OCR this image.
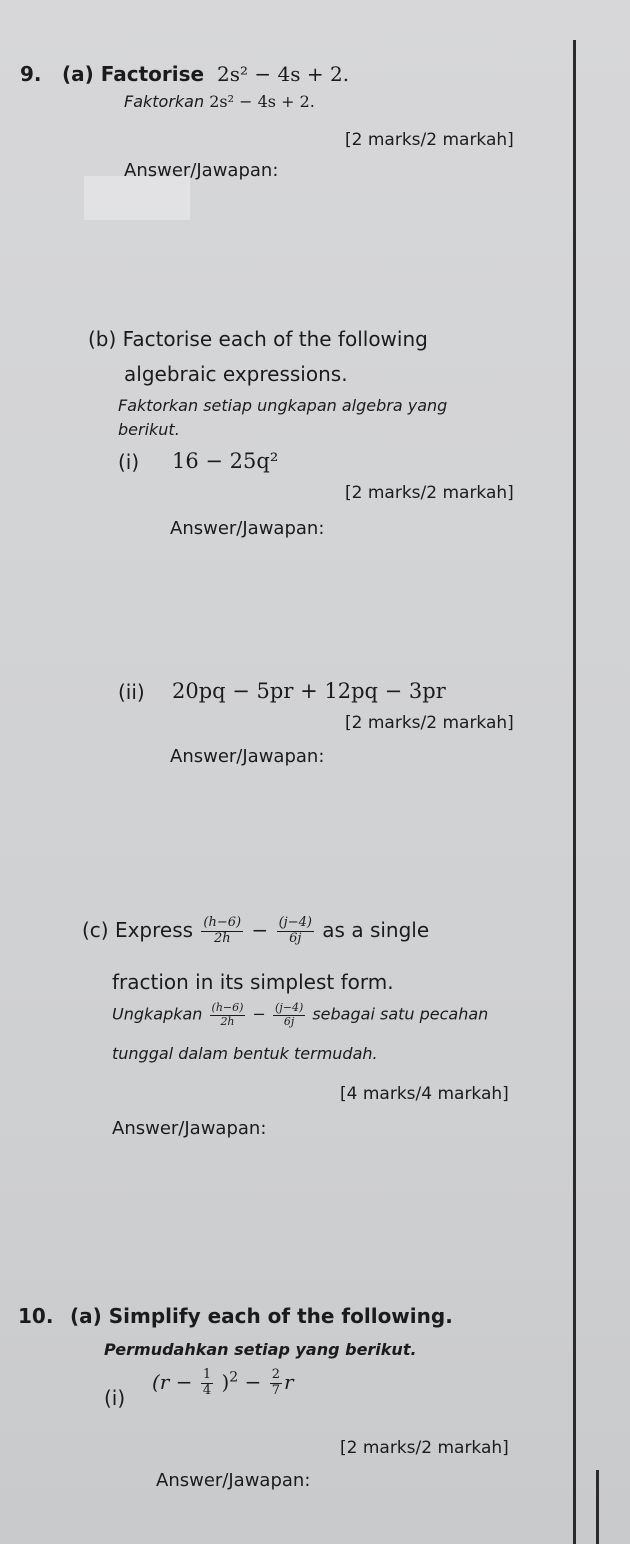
9. (a) Factorise 2s² − 4s + 2.
Faktorkan 2s² − 4s + 2.
[2 marks/2 markah]
Answer/Jawapan:
(b) Factorise each of the following
algebraic expressions.
Faktorkan setiap ungkapan algebra yang
berikut.
(i) 16 − 25q²
[2 marks/2 markah]
Answer/Jawapan:
(ii) 20pq − 5pr + 12pq − 3pr
[2 marks/2 markah]
Answer/Jawapan:
(c) Express $\frac{(h-6)}{2h} - \frac{(j-4)}{6j}$ as a single
fraction in its simplest form.
Ungkapkan $\frac{(h-6)}{2h} - \frac{(j-4)}{6j}$ sebagai satu pecahan
tunggal dalam bentuk termudah.
[4 marks/4 markah]
Answer/Jawapan:
10. (a) Simplify each of the following.
Permudahkan setiap yang berikut.
(i)
$(r - \frac{1}{4} )^2 - \frac{2}{7}$ r
[2 marks/2 markah]
Answer/Jawapan:
